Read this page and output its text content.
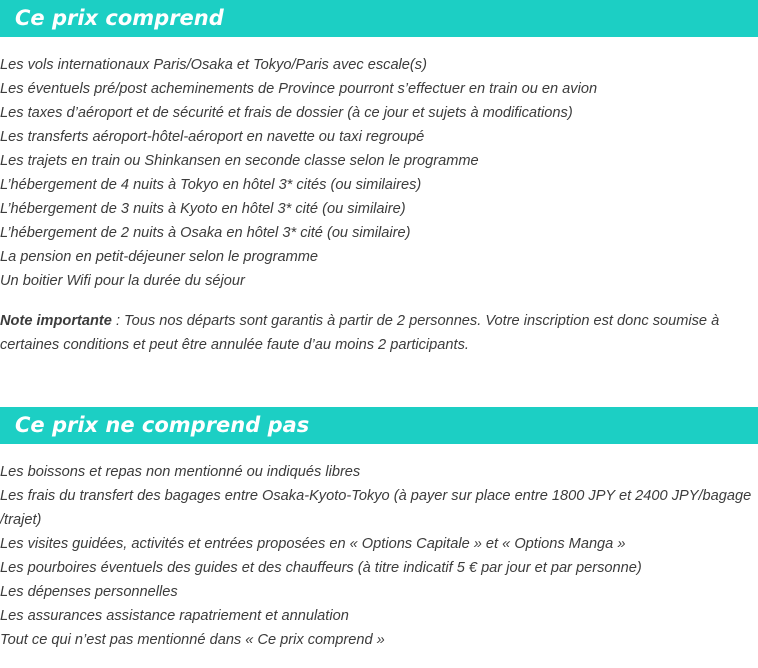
Ce prix comprend
Les vols internationaux Paris/Osaka et Tokyo/Paris avec escale(s)
Les éventuels pré/post acheminements de Province pourront s’effectuer en train ou en avion
Les taxes d’aéroport et de sécurité et frais de dossier (à ce jour et sujets à modifications)
Les transferts aéroport-hôtel-aéroport en navette ou taxi regroupé
Les trajets en train ou Shinkansen en seconde classe selon le programme
L’hébergement de 4 nuits à Tokyo en hôtel 3* cités (ou similaires)
L’hébergement de 3 nuits à Kyoto en hôtel 3* cité (ou similaire)
L’hébergement de 2 nuits à Osaka en hôtel 3* cité (ou similaire)
La pension en petit-déjeuner selon le programme
Un boitier Wifi pour la durée du séjour

Note importante : Tous nos départs sont garantis à partir de 2 personnes. Votre inscription est donc soumise à certaines conditions et peut être annulée faute d’au moins 2 participants.

Ce prix ne comprend pas
Les boissons et repas non mentionné ou indiqués libres
Les frais du transfert des bagages entre Osaka-Kyoto-Tokyo (à payer sur place entre 1800 JPY et 2400 JPY/bagage
/trajet)
Les visites guidées, activités et entrées proposées en « Options Capitale » et « Options Manga »
Les pourboires éventuels des guides et des chauffeurs (à titre indicatif 5 € par jour et par personne)
Les dépenses personnelles
Les assurances assistance rapatriement et annulation
Tout ce qui n’est pas mentionné dans « Ce prix comprend »
